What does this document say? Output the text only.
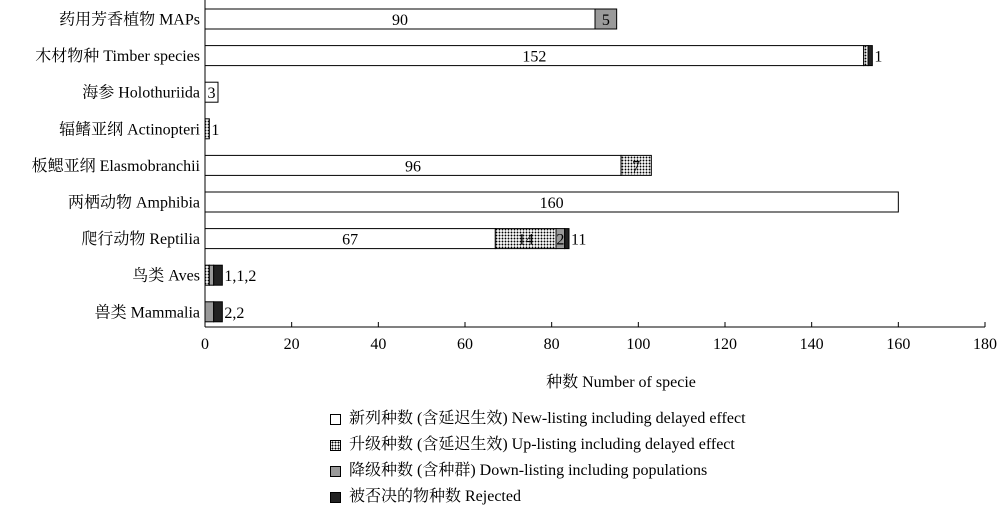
90	5
152	1
3
1
96	7
160
67	14 2 11
1,1,2
2,2
药用芳香植物 MAPs
木材物种 Timber species
海参 Holothuriida
辐鳍亚纲 Actinopteri
板鳃亚纲 Elasmobranchii
两栖动物 Amphibia
爬行动物 Reptilia
鸟类 Aves
兽类 Mammalia
0	20	40	60	80	100	120	140	160	180
种数 Number of specie
新列种数 (含延迟生效) New-listing including delayed effect
升级种数 (含延迟生效) Up-listing including delayed effect
降级种数 (含种群) Down-listing including populations
被否决的物种数 Rejected
